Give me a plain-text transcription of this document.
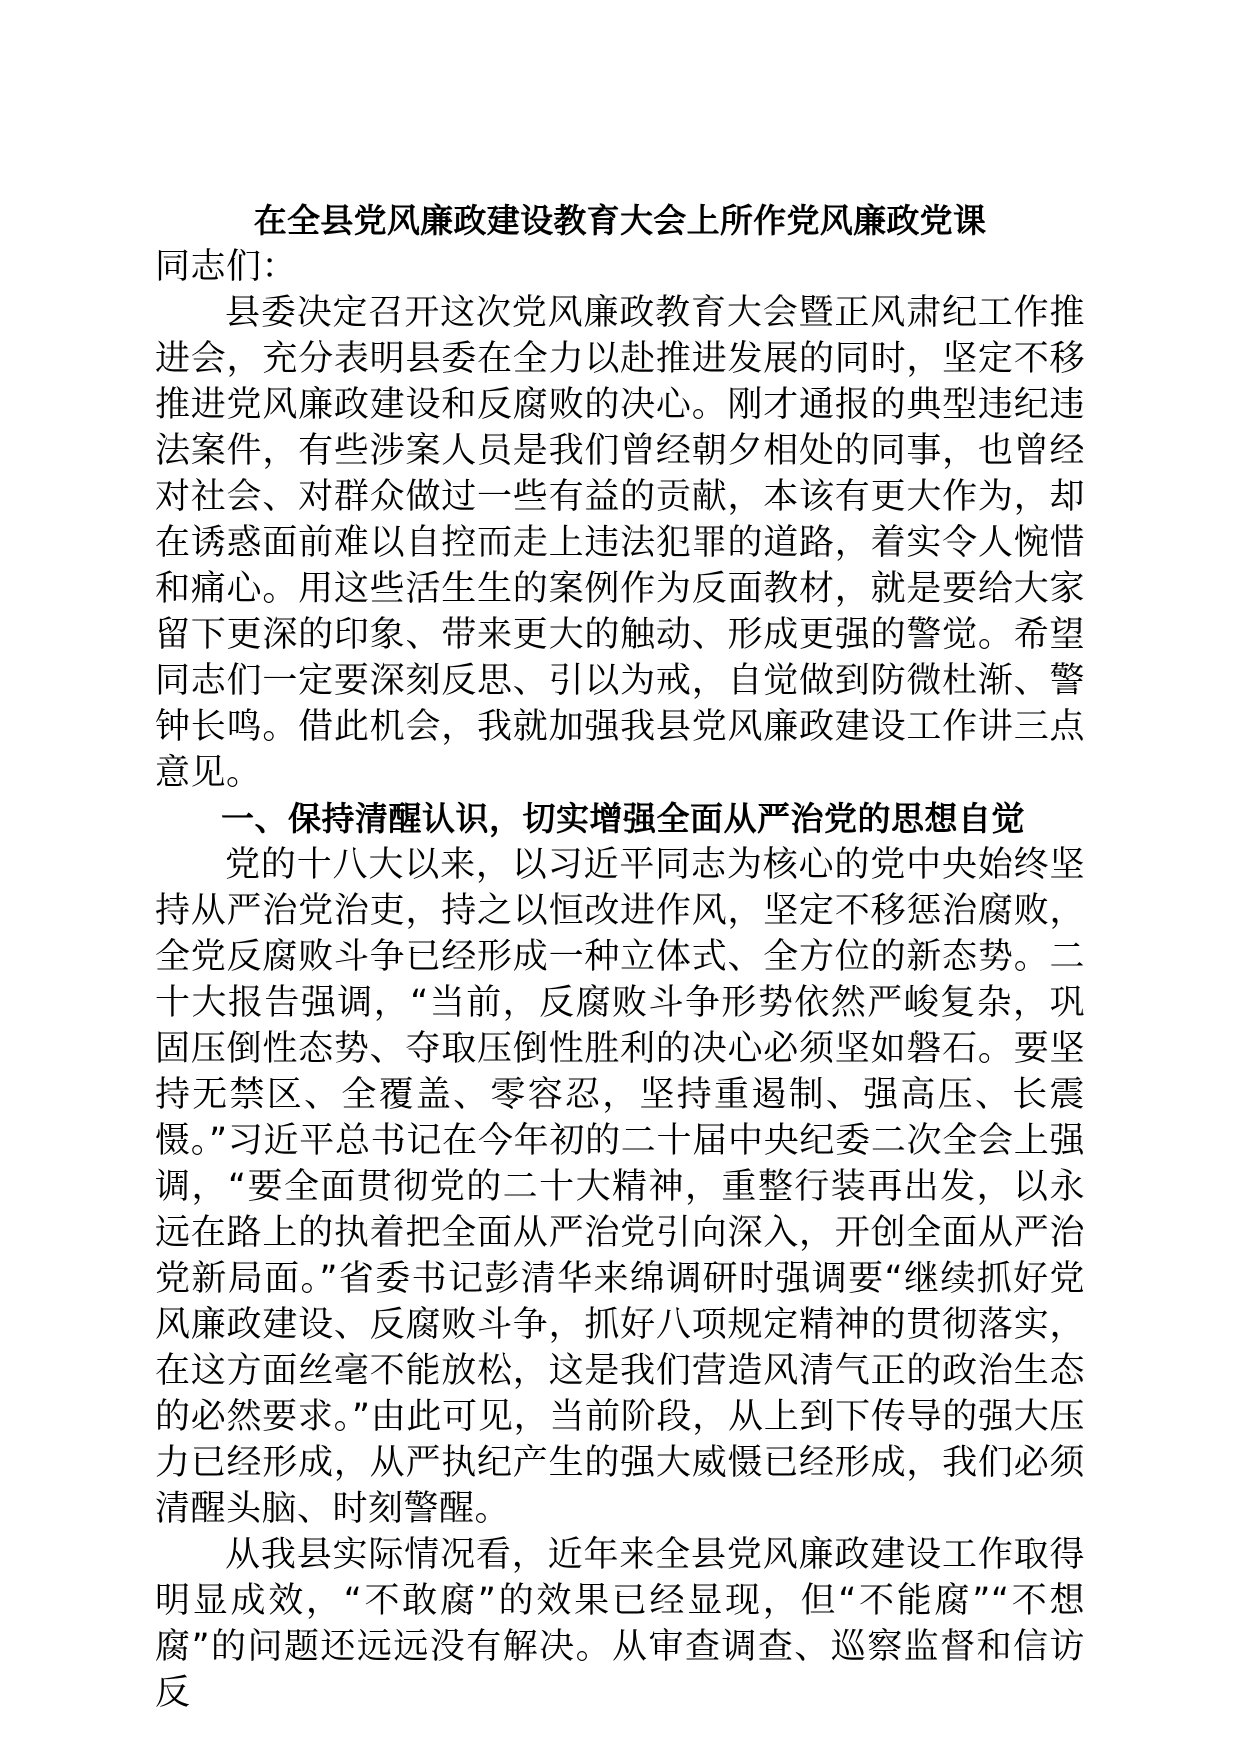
在全县党风廉政建设教育大会上所作党风廉政党课

同志们：

县委决定召开这次党风廉政教育大会暨正风肃纪工作推进会，充分表明县委在全力以赴推进发展的同时，坚定不移推进党风廉政建设和反腐败的决心。刚才通报的典型违纪违法案件，有些涉案人员是我们曾经朝夕相处的同事，也曾经对社会、对群众做过一些有益的贡献，本该有更大作为，却在诱惑面前难以自控而走上违法犯罪的道路，着实令人惋惜和痛心。用这些活生生的案例作为反面教材，就是要给大家留下更深的印象、带来更大的触动、形成更强的警觉。希望同志们一定要深刻反思、引以为戒，自觉做到防微杜渐、警钟长鸣。借此机会，我就加强我县党风廉政建设工作讲三点意见。

一、保持清醒认识，切实增强全面从严治党的思想自觉

党的十八大以来，以习近平同志为核心的党中央始终坚持从严治党治吏，持之以恒改进作风，坚定不移惩治腐败，全党反腐败斗争已经形成一种立体式、全方位的新态势。二十大报告强调，“当前，反腐败斗争形势依然严峻复杂，巩固压倒性态势、夺取压倒性胜利的决心必须坚如磐石。要坚持无禁区、全覆盖、零容忍，坚持重遏制、强高压、长震慑。”习近平总书记在今年初的二十届中央纪委二次全会上强调，“要全面贯彻党的二十大精神，重整行装再出发，以永远在路上的执着把全面从严治党引向深入，开创全面从严治党新局面。”省委书记彭清华来绵调研时强调要“继续抓好党风廉政建设、反腐败斗争，抓好八项规定精神的贯彻落实，在这方面丝毫不能放松，这是我们营造风清气正的政治生态的必然要求。”由此可见，当前阶段，从上到下传导的强大压力已经形成，从严执纪产生的强大威慑已经形成，我们必须清醒头脑、时刻警醒。

从我县实际情况看，近年来全县党风廉政建设工作取得明显成效，“不敢腐”的效果已经显现，但“不能腐”“不想腐”的问题还远远没有解决。从审查调查、巡察监督和信访反
